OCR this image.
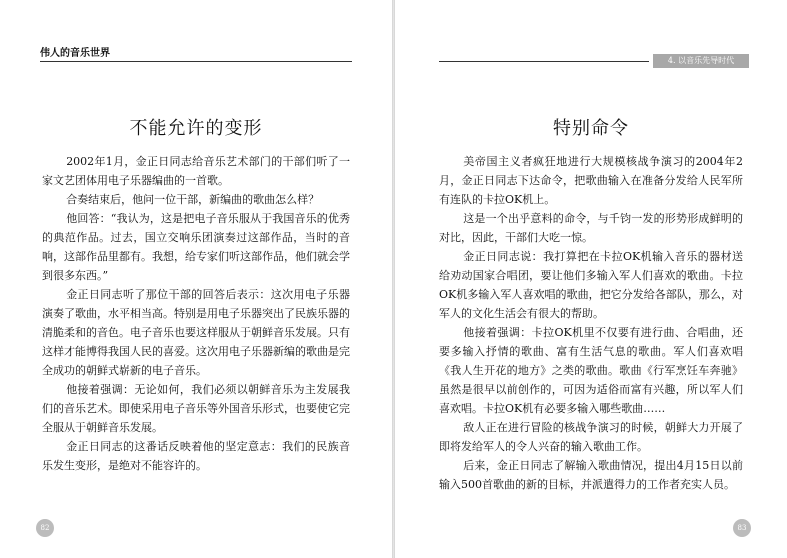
伟人的音乐世界
不能允许的变形

2002年1月，金正日同志给音乐艺术部门的干部们听了一家文艺团体用电子乐器编曲的一首歌。

合奏结束后，他问一位干部，新编曲的歌曲怎么样？

他回答：“我认为，这是把电子音乐服从于我国音乐的优秀的典范作品。过去，国立交响乐团演奏过这部作品，当时的音响，这部作品里都有。我想，给专家们听这部作品，他们就会学到很多东西。”

金正日同志听了那位干部的回答后表示：这次用电子乐器演奏了歌曲，水平相当高。特别是用电子乐器突出了民族乐器的清脆柔和的音色。电子音乐也要这样服从于朝鲜音乐发展。只有这样才能博得我国人民的喜爱。这次用电子乐器新编的歌曲是完全成功的朝鲜式崭新的电子音乐。

他接着强调：无论如何，我们必须以朝鲜音乐为主发展我们的音乐艺术。即使采用电子音乐等外国音乐形式，也要使它完全服从于朝鲜音乐发展。

金正日同志的这番话反映着他的坚定意志：我们的民族音乐发生变形，是绝对不能容许的。

82
4. 以音乐先导时代
特别命令

美帝国主义者疯狂地进行大规模核战争演习的2004年2月，金正日同志下达命令，把歌曲输入在准备分发给人民军所有连队的卡拉OK机上。

这是一个出乎意料的命令，与千钧一发的形势形成鲜明的对比，因此，干部们大吃一惊。

金正日同志说：我打算把在卡拉OK机输入音乐的器材送给劝动国家合唱团，要让他们多输入军人们喜欢的歌曲。卡拉OK机多输入军人喜欢唱的歌曲，把它分发给各部队，那么，对军人的文化生活会有很大的帮助。

他接着强调：卡拉OK机里不仅要有进行曲、合唱曲，还要多输入抒情的歌曲、富有生活气息的歌曲。军人们喜欢唱《我人生开花的地方》之类的歌曲。歌曲《行军烹饪车奔驰》虽然是很早以前创作的，可因为适俗而富有兴趣，所以军人们喜欢唱。卡拉OK机有必要多输入哪些歌曲……

敌人正在进行冒险的核战争演习的时候，朝鲜大力开展了即将发给军人的令人兴奋的输入歌曲工作。

后来，金正日同志了解输入歌曲情况，提出4月15日以前输入500首歌曲的新的目标，并派遣得力的工作者充实人员。

83
